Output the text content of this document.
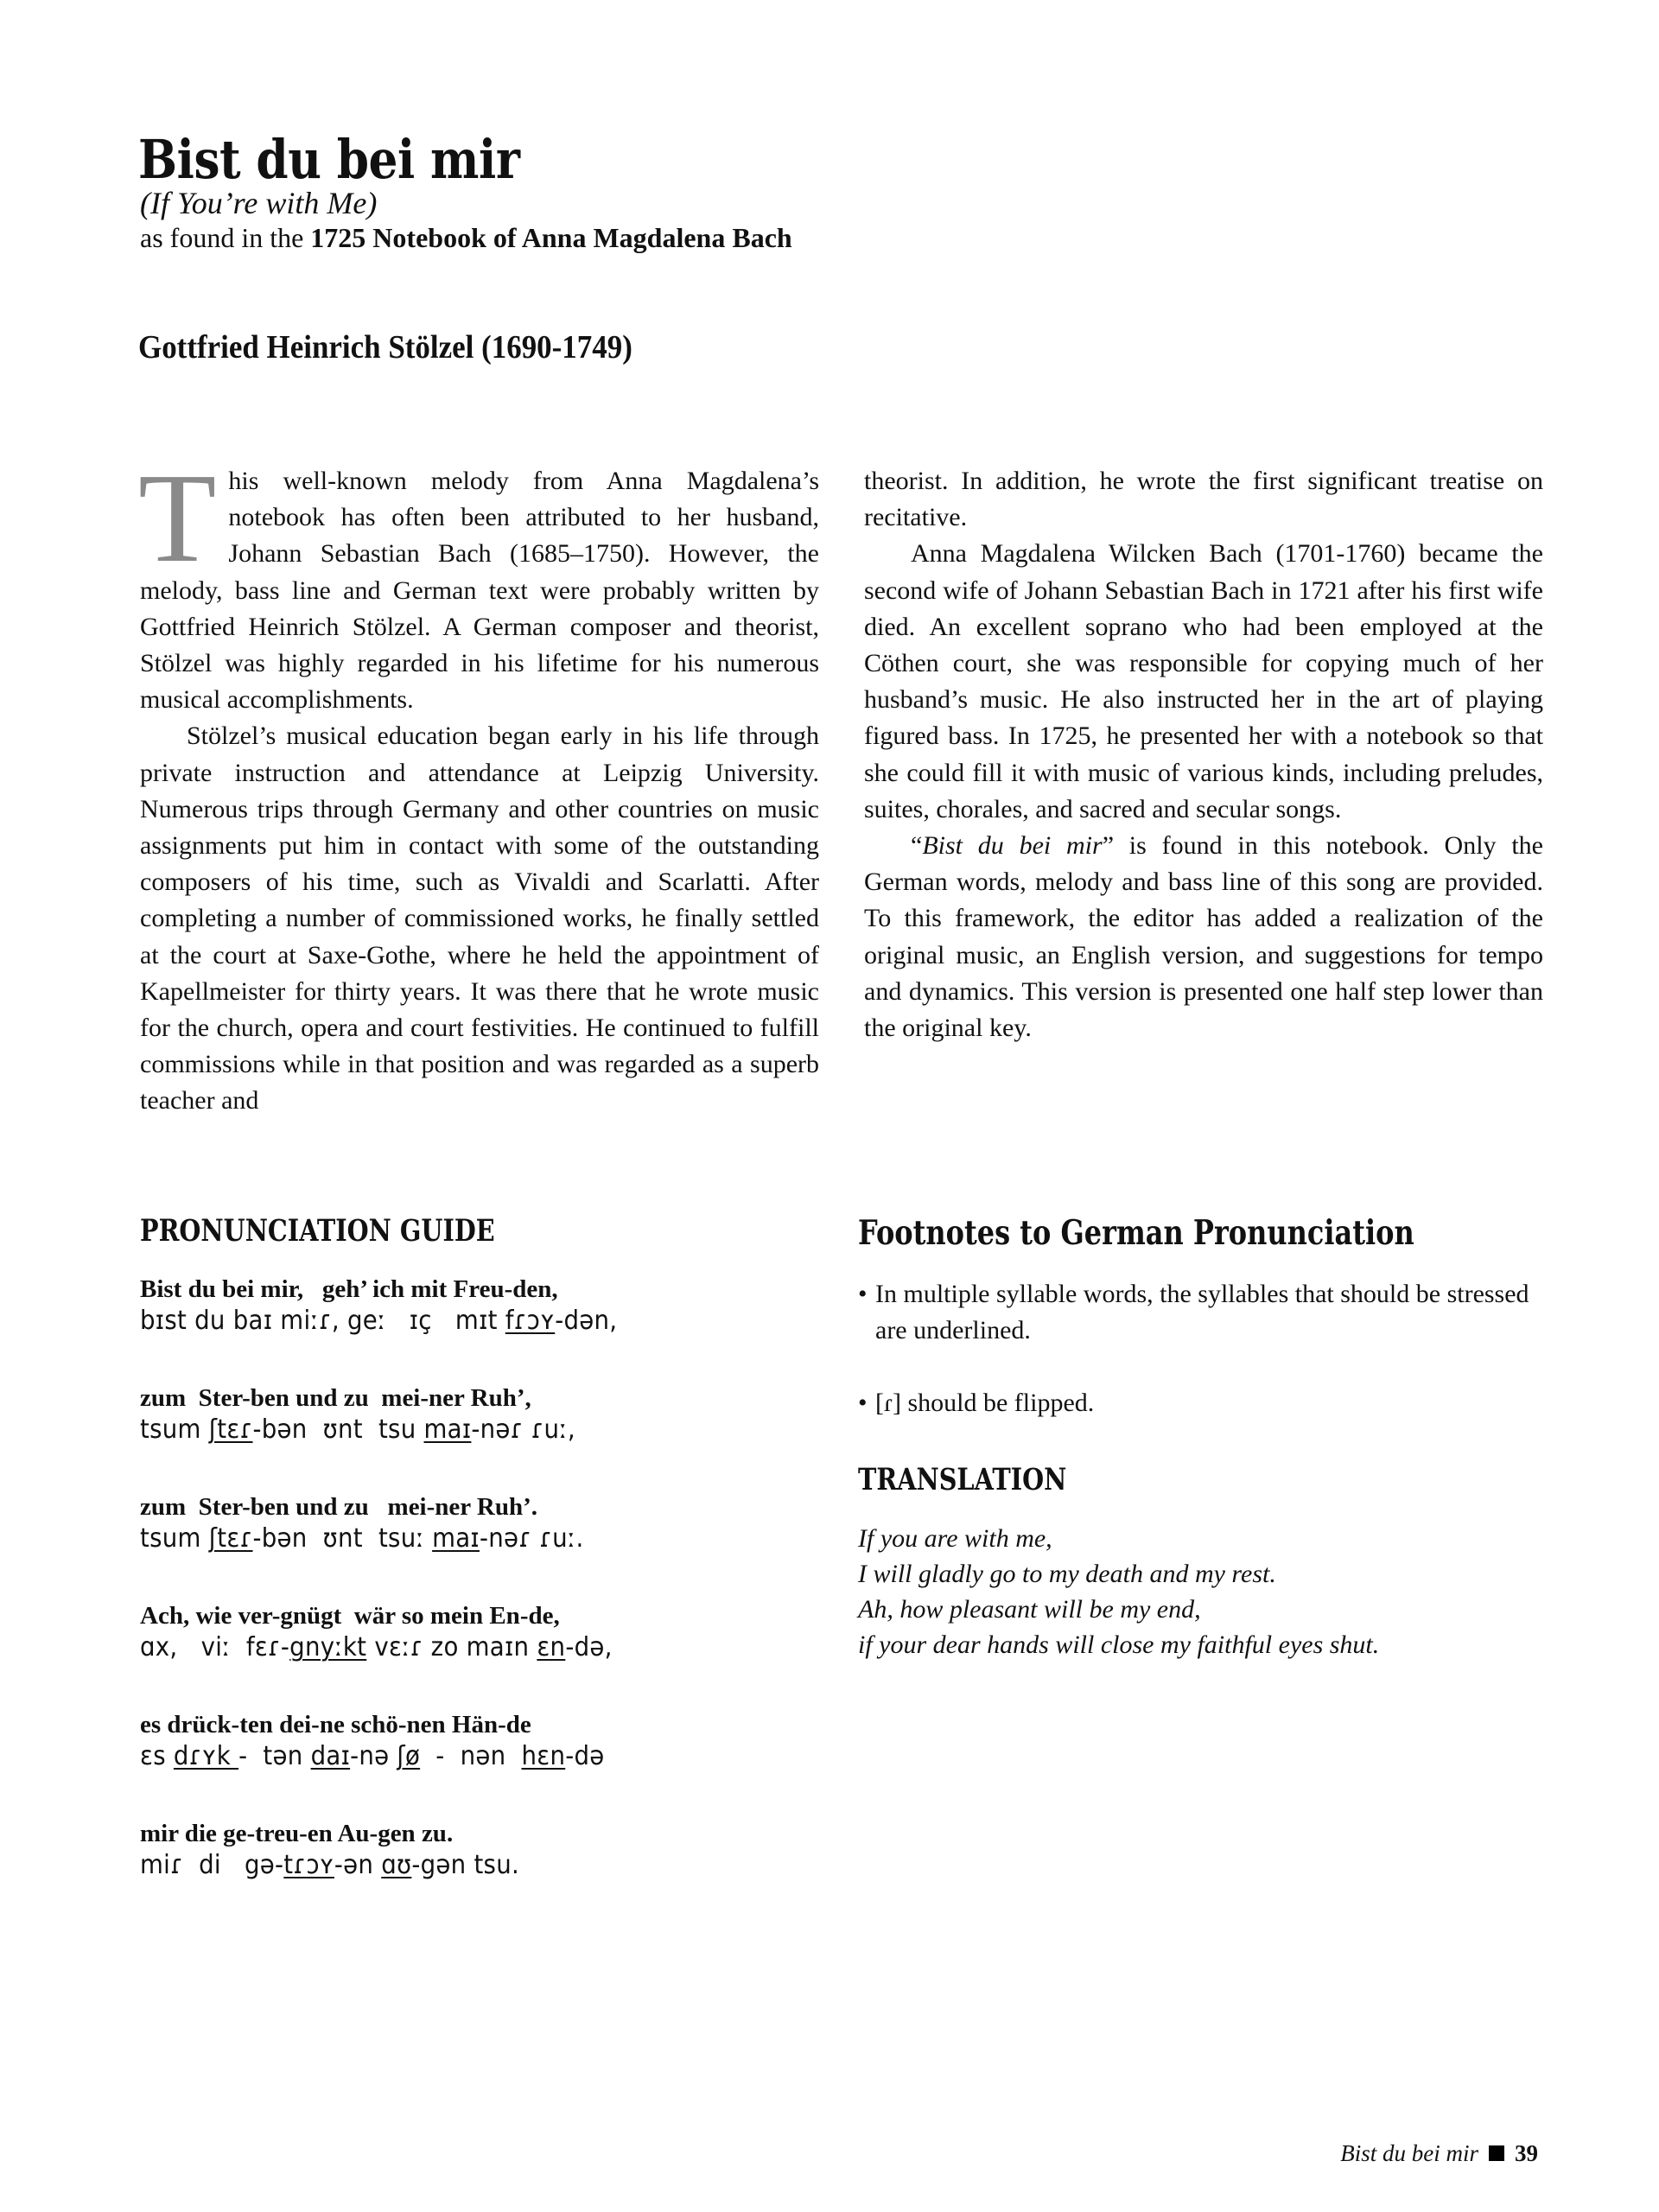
Bist du bei mir
(If You’re with Me)
as found in the 1725 Notebook of Anna Magdalena Bach
Gottfried Heinrich Stölzel (1690-1749)

This well-known melody from Anna Magdalena’s notebook has often been attributed to her husband, Johann Sebastian Bach (1685–1750). However, the melody, bass line and German text were probably written by Gottfried Heinrich Stölzel. A German composer and theorist, Stölzel was highly regarded in his lifetime for his numerous musical accomplishments.

Stölzel’s musical education began early in his life through private instruction and attendance at Leipzig University. Numerous trips through Germany and other countries on music assignments put him in contact with some of the outstanding composers of his time, such as Vivaldi and Scarlatti. After completing a number of commissioned works, he finally settled at the court at Saxe-Gothe, where he held the appointment of Kapellmeister for thirty years. It was there that he wrote music for the church, opera and court festivities. He continued to fulfill commissions while in that position and was regarded as a superb teacher and

theorist. In addition, he wrote the first significant treatise on recitative.

Anna Magdalena Wilcken Bach (1701-1760) became the second wife of Johann Sebastian Bach in 1721 after his first wife died. An excellent soprano who had been employed at the Cöthen court, she was responsible for copying much of her husband’s music. He also instructed her in the art of playing figured bass. In 1725, he presented her with a notebook so that she could fill it with music of various kinds, including preludes, suites, chorales, and sacred and secular songs.

“Bist du bei mir” is found in this notebook. Only the German words, melody and bass line of this song are provided. To this framework, the editor has added a realization of the original music, an English version, and suggestions for tempo and dynamics. This version is presented one half step lower than the original key.

PRONUNCIATION GUIDE
Bist du bei mir,   geh’ ich mit Freu-den,
bɪst du baɪ miːɾ, geː   ɪç   mɪt fɾɔʏ-dən,
zum  Ster-ben und zu  mei-ner Ruh’,
tsum ʃtɛɾ-bən  ʊnt  tsu maɪ-nəɾ ɾuː,
zum  Ster-ben und zu   mei-ner Ruh’.
tsum ʃtɛɾ-bən  ʊnt  tsuː maɪ-nəɾ ɾuː.
Ach, wie ver-gnügt  wär so mein En-de,
ɑx,   viː  fɛɾ-gnyːkt vɛːɾ zo maɪn ɛn-də,
es drück-ten dei-ne schö-nen Hän-de
ɛs dɾʏk -  tən daɪ-nə ʃø  -  nən  hɛn-də
mir die ge-treu-en Au-gen zu.
miɾ  di   gə-tɾɔʏ-ən ɑʊ-gən tsu.
Footnotes to German Pronunciation
• In multiple syllable words, the syllables that should be stressed are underlined.
• [ɾ] should be flipped.
TRANSLATION
If you are with me,
I will gladly go to my death and my rest.
Ah, how pleasant will be my end,
if your dear hands will close my faithful eyes shut.
Bist du bei mir 39
